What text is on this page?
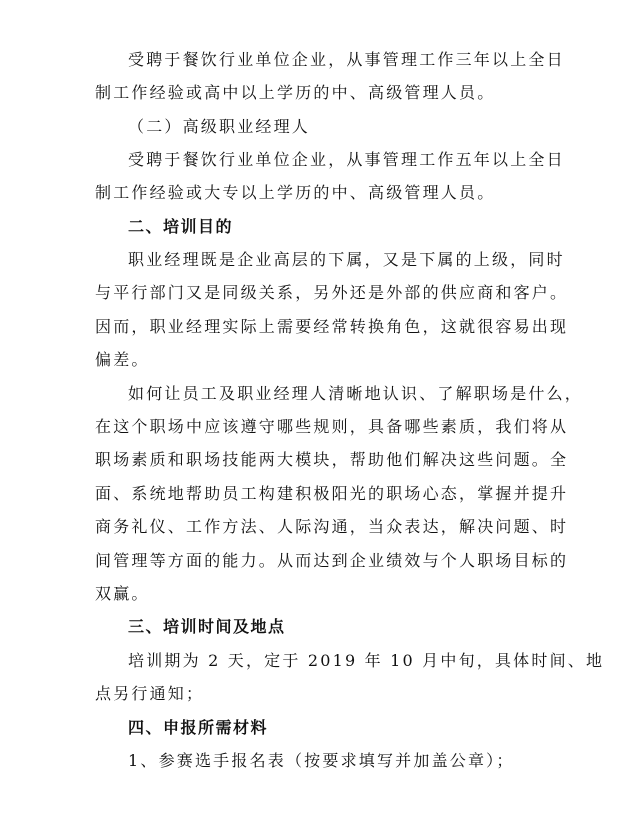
受聘于餐饮行业单位企业，从事管理工作三年以上全日
制工作经验或高中以上学历的中、高级管理人员。
（二）高级职业经理人
受聘于餐饮行业单位企业，从事管理工作五年以上全日
制工作经验或大专以上学历的中、高级管理人员。
二、培训目的
职业经理既是企业高层的下属，又是下属的上级，同时
与平行部门又是同级关系，另外还是外部的供应商和客户。
因而，职业经理实际上需要经常转换角色，这就很容易出现
偏差。
如何让员工及职业经理人清晰地认识、了解职场是什么，
在这个职场中应该遵守哪些规则，具备哪些素质，我们将从
职场素质和职场技能两大模块，帮助他们解决这些问题。全
面、系统地帮助员工构建积极阳光的职场心态，掌握并提升
商务礼仪、工作方法、人际沟通，当众表达，解决问题、时
间管理等方面的能力。从而达到企业绩效与个人职场目标的
双赢。
三、培训时间及地点
培训期为 2 天，定于 2019 年 10 月中旬，具体时间、地
点另行通知；
四、申报所需材料
1、参赛选手报名表（按要求填写并加盖公章）；
